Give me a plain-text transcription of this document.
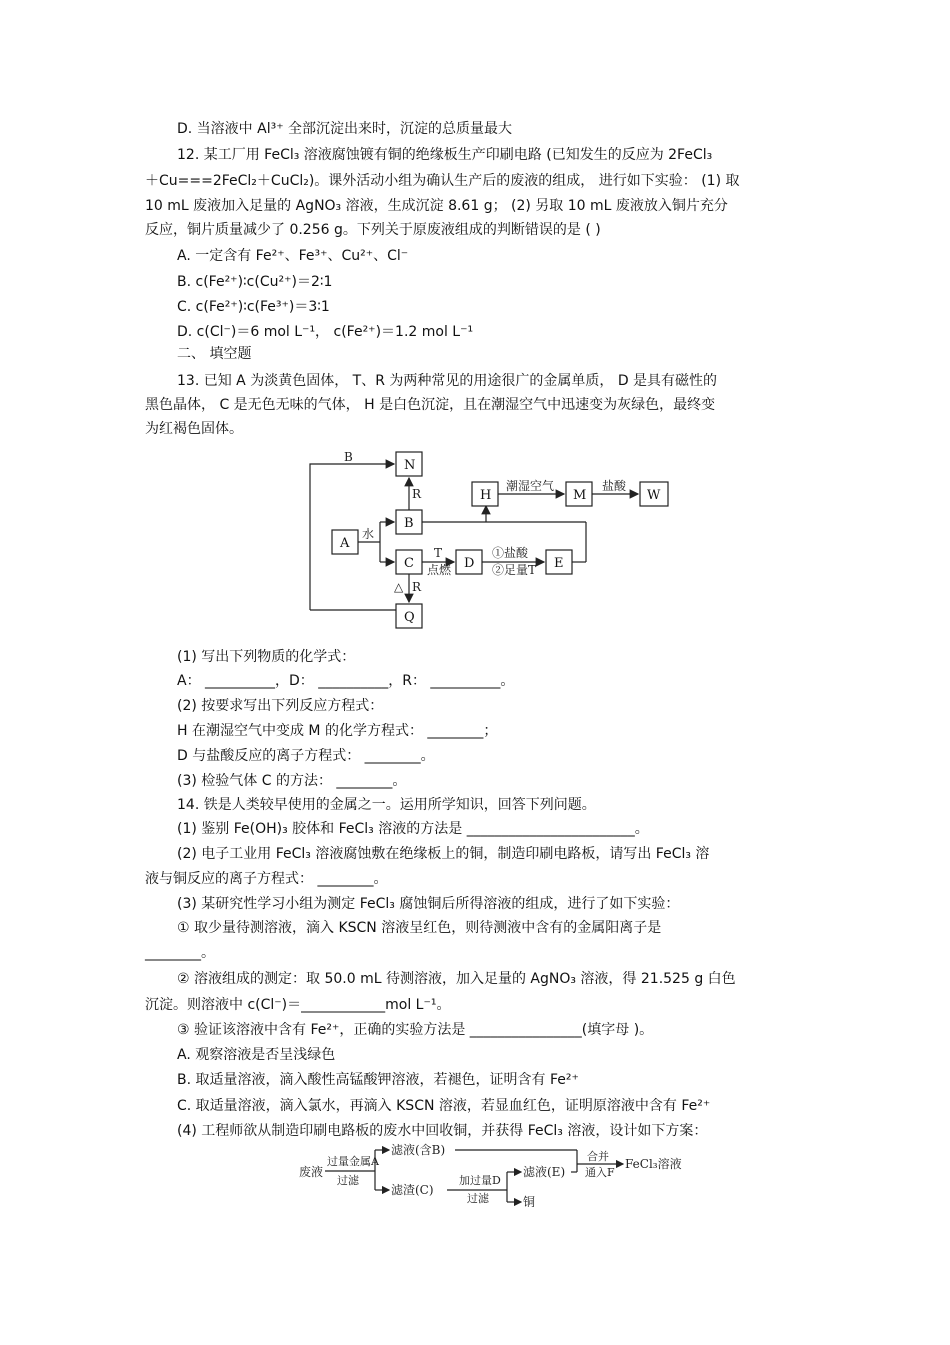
D. 当溶液中 Al³⁺ 全部沉淀出来时，沉淀的总质量最大
12. 某工厂用 FeCl₃ 溶液腐蚀镀有铜的绝缘板生产印刷电路 (已知发生的反应为 2FeCl₃
＋Cu===2FeCl₂＋CuCl₂)。课外活动小组为确认生产后的废液的组成， 进行如下实验： (1) 取
10 mL 废液加入足量的 AgNO₃ 溶液，生成沉淀 8.61 g； (2) 另取 10 mL 废液放入铜片充分
反应，铜片质量减少了 0.256 g。下列关于原废液组成的判断错误的是 ( )
A. 一定含有 Fe²⁺、Fe³⁺、Cu²⁺、Cl⁻
B. c(Fe²⁺)∶c(Cu²⁺)＝2∶1
C. c(Fe²⁺)∶c(Fe³⁺)＝3∶1
D. c(Cl⁻)＝6 mol L⁻¹， c(Fe²⁺)＝1.2 mol L⁻¹
二、 填空题
13. 已知 A 为淡黄色固体， T、R 为两种常见的用途很广的金属单质， D 是具有磁性的
黑色晶体， C 是无色无味的气体， H 是白色沉淀，且在潮湿空气中迅速变为灰绿色，最终变
为红褐色固体。
B
N
R
B
A
水
H
潮湿空气
M
盐酸
W
C
T
点燃 D
①盐酸
②足量T E
△ R
Q
(1) 写出下列物质的化学式：
A： __________，D： __________，R： __________。
(2) 按要求写出下列反应方程式：
H 在潮湿空气中变成 M 的化学方程式： ________；
D 与盐酸反应的离子方程式： ________。
(3) 检验气体 C 的方法： ________。
14. 铁是人类较早使用的金属之一。运用所学知识，回答下列问题。
(1) 鉴别 Fe(OH)₃ 胶体和 FeCl₃ 溶液的方法是 ________________________。
(2) 电子工业用 FeCl₃ 溶液腐蚀敷在绝缘板上的铜，制造印刷电路板，请写出 FeCl₃ 溶
液与铜反应的离子方程式： ________。
(3) 某研究性学习小组为测定 FeCl₃ 腐蚀铜后所得溶液的组成，进行了如下实验：
① 取少量待测溶液，滴入 KSCN 溶液呈红色，则待测液中含有的金属阳离子是
________。
② 溶液组成的测定：取 50.0 mL 待测溶液，加入足量的 AgNO₃ 溶液，得 21.525 g 白色
沉淀。则溶液中 c(Cl⁻)＝____________mol L⁻¹。
③ 验证该溶液中含有 Fe²⁺，正确的实验方法是 ________________(填字母 )。
A. 观察溶液是否呈浅绿色
B. 取适量溶液，滴入酸性高锰酸钾溶液，若褪色，证明含有 Fe²⁺
C. 取适量溶液，滴入氯水，再滴入 KSCN 溶液，若显血红色，证明原溶液中含有 Fe²⁺
(4) 工程师欲从制造印刷电路板的废水中回收铜，并获得 FeCl₃ 溶液，设计如下方案：
废液
过量金属A
过滤
滤液(含B)
滤渣(C)
加过量D
过滤
滤液(E)
铜
合并
通入F
FeCl₃溶液
